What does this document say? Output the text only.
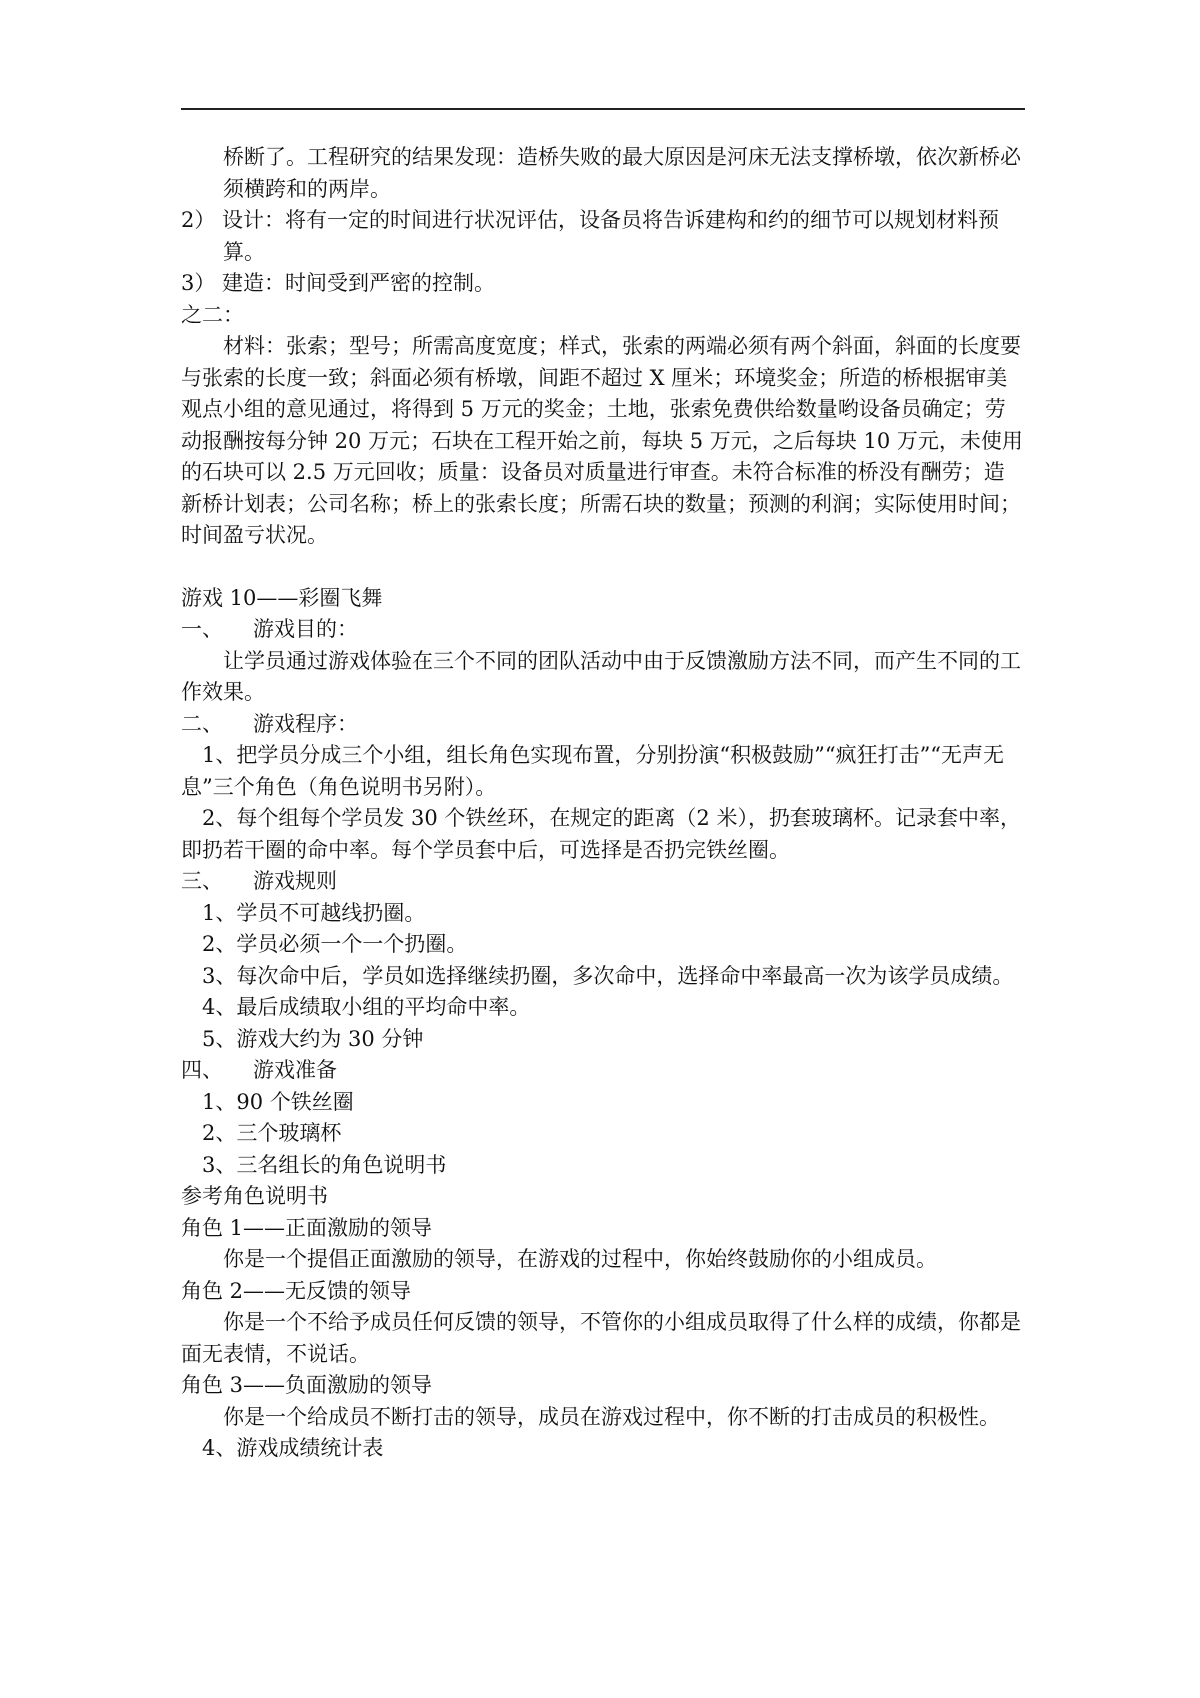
桥断了。工程研究的结果发现：造桥失败的最大原因是河床无法支撑桥墩，依次新桥必须横跨和的两岸。

2） 设计：将有一定的时间进行状况评估，设备员将告诉建构和约的细节可以规划材料预算。

3） 建造：时间受到严密的控制。

之二：

材料：张索；型号；所需高度宽度；样式，张索的两端必须有两个斜面，斜面的长度要与张索的长度一致；斜面必须有桥墩，间距不超过 X 厘米；环境奖金；所造的桥根据审美观点小组的意见通过，将得到 5 万元的奖金；土地，张索免费供给数量哟设备员确定；劳动报酬按每分钟 20 万元；石块在工程开始之前，每块 5 万元，之后每块 10 万元，未使用的石块可以 2.5 万元回收；质量：设备员对质量进行审查。未符合标准的桥没有酬劳；造新桥计划表；公司名称；桥上的张索长度；所需石块的数量；预测的利润；实际使用时间；时间盈亏状况。

游戏 10——彩圈飞舞

一、 游戏目的：

让学员通过游戏体验在三个不同的团队活动中由于反馈激励方法不同，而产生不同的工作效果。

二、 游戏程序：

1、把学员分成三个小组，组长角色实现布置，分别扮演“积极鼓励”“疯狂打击”“无声无息”三个角色（角色说明书另附）。

2、每个组每个学员发 30 个铁丝环，在规定的距离（2 米），扔套玻璃杯。记录套中率，即扔若干圈的命中率。每个学员套中后，可选择是否扔完铁丝圈。

三、 游戏规则

1、学员不可越线扔圈。

2、学员必须一个一个扔圈。

3、每次命中后，学员如选择继续扔圈，多次命中，选择命中率最高一次为该学员成绩。

4、最后成绩取小组的平均命中率。

5、游戏大约为 30 分钟

四、 游戏准备

1、90 个铁丝圈

2、三个玻璃杯

3、三名组长的角色说明书

参考角色说明书

角色 1——正面激励的领导

你是一个提倡正面激励的领导，在游戏的过程中，你始终鼓励你的小组成员。

角色 2——无反馈的领导

你是一个不给予成员任何反馈的领导，不管你的小组成员取得了什么样的成绩，你都是面无表情，不说话。

角色 3——负面激励的领导

你是一个给成员不断打击的领导，成员在游戏过程中，你不断的打击成员的积极性。

4、游戏成绩统计表
